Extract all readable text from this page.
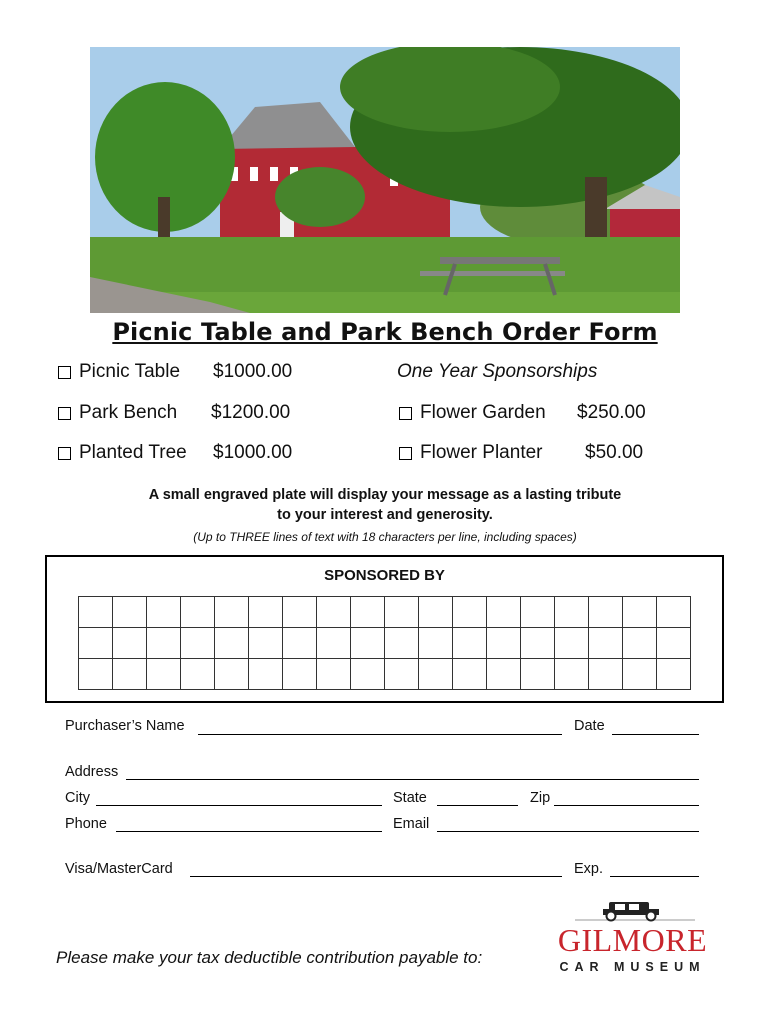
Picnic Table and Park Bench Order Form
Picnic Table $1000.00	One Year Sponsorships
Park Bench $1200.00	Flower Garden $250.00
Planted Tree $1000.00	Flower Planter $50.00
A small engraved plate will display your message as a lasting tribute
to your interest and generosity.
(Up to THREE lines of text with 18 characters per line, including spaces)
SPONSORED BY

Purchaser’s Name	Date
Address
City	State	Zip
Phone	Email
Visa/MasterCard	Exp.
Please make your tax deductible contribution payable to:	GILMORE
CAR MUSEUM
